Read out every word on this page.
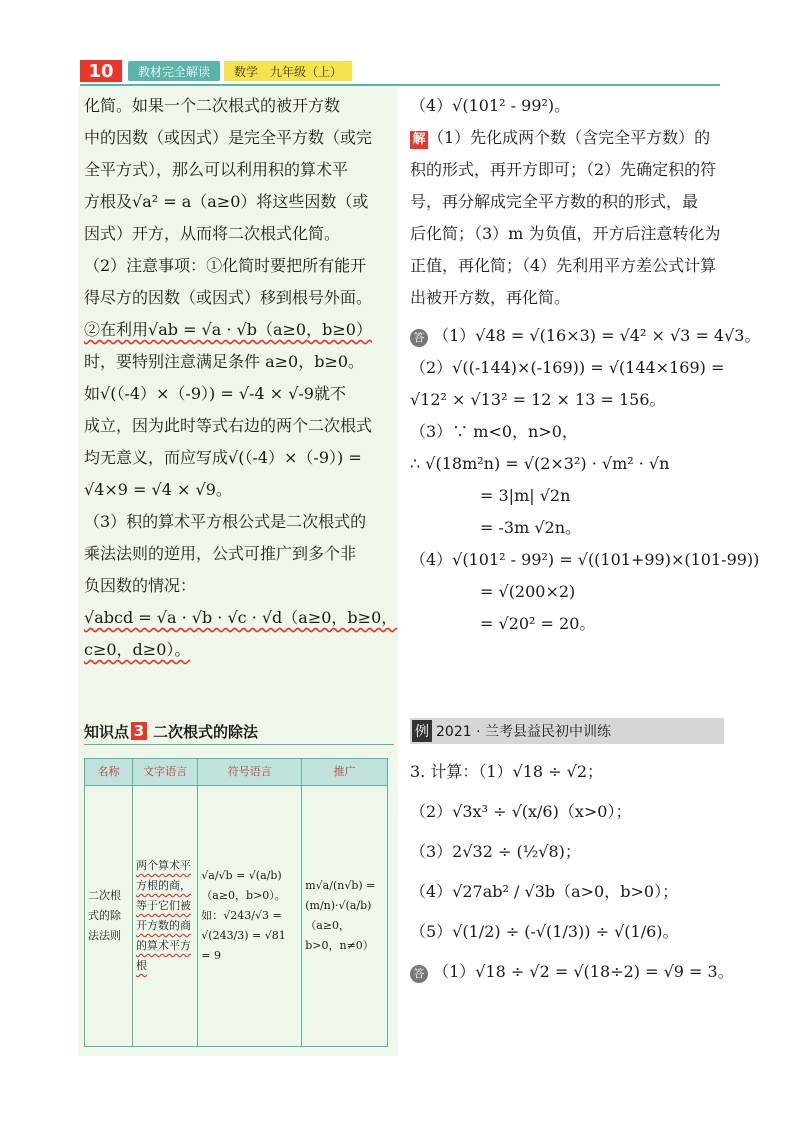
10	教材完全解读	数学　九年级（上）

化简。如果一个二次根式的被开方数
中的因数（或因式）是完全平方数（或完
全平方式），那么可以利用积的算术平
方根及√a² = a（a≥0）将这些因数（或
因式）开方，从而将二次根式化简。

（2）注意事项：①化简时要把所有能开
得尽方的因数（或因式）移到根号外面。
②在利用√ab = √a · √b（a≥0，b≥0）
时，要特别注意满足条件 a≥0，b≥0。
如√(（-4）×（-9）) = √-4 × √-9就不
成立，因为此时等式右边的两个二次根式
均无意义，而应写成√(（-4）×（-9）) =
√4×9 = √4 × √9。

（3）积的算术平方根公式是二次根式的
乘法法则的逆用，公式可推广到多个非
负因数的情况：
√abcd = √a · √b · √c · √d（a≥0，b≥0，
c≥0，d≥0）。

知识点 3 二次根式的除法
名称	文字语言	符号语言	推广
二次根式的除法法则	两个算术平方根的商，等于它们被开方数的商的算术平方根	√a/√b = √(a/b)（a≥0，b>0）。如：√243/√3 = √(243/3) = √81 = 9	m√a/(n√b) = (m/n)·√(a/b)（a≥0，b>0，n≠0）
（4）√(101² - 99²)。
解 （1）先化成两个数（含完全平方数）的
积的形式，再开方即可；（2）先确定积的符
号，再分解成完全平方数的积的形式，最
后化简；（3）m 为负值，开方后注意转化为
正值，再化简；（4）先利用平方差公式计算
出被开方数，再化简。
答 （1）√48 = √(16×3) = √4² × √3 = 4√3。
（2）√((-144)×(-169)) = √(144×169) =
√12² × √13² = 12 × 13 = 156。
（3）∵ m<0，n>0，
∴ √(18m²n) = √(2×3²) · √m² · √n
= 3|m| √2n
= -3m √2n。
（4）√(101² - 99²) = √((101+99)×(101-99))
= √(200×2)
= √20² = 20。
例 2021 · 兰考县益民初中训练
3. 计算：（1）√18 ÷ √2；
（2）√3x³ ÷ √(x/6)（x>0）；
（3）2√32 ÷ (½√8)；
（4）√27ab² / √3b（a>0，b>0）；
（5）√(1/2) ÷ (-√(1/3)) ÷ √(1/6)。
答 （1）√18 ÷ √2 = √(18÷2) = √9 = 3。
